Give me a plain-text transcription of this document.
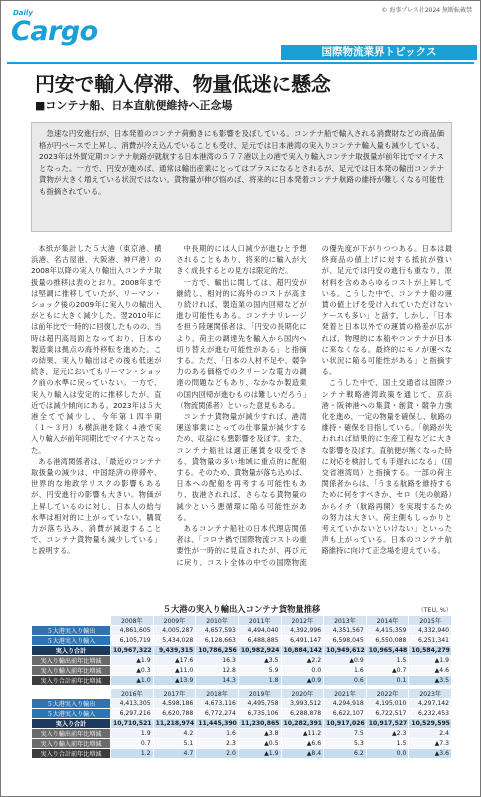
© 海事プレス社2024 無断転載禁
Daily
Cargo
国際物流業界トピックス
円安で輸入停滞、物量低迷に懸念
■コンテナ船、日本直航便維持へ正念場
急速な円安進行が、日本発着のコンテナ荷動きにも影響を及ぼしている。コンテナ船で輸入される消費財などの商品価格が円ベースで上昇し、消費が冷え込んでいることも受け、足元では日本港湾の実入りコンテナ輸入量も減少している。2023年は外貿定期コンテナ航路が就航する日本港湾の５７７港以上の港で実入り輸入コンテナ取扱量が前年比でマイナスとなった。一方で、円安が進めば、通常は輸出産業にとってはプラスになるとされるが、足元では日本発の輸出コンテナ貨物が大きく増えている状況ではない。貨物量が伸び悩めば、将来的に日本発着コンテナ航路の維持が難しくなる可能性も指摘されている。

本紙が集計した５大港（東京港、横浜港、名古屋港、大阪港、神戸港）の2008年以降の実入り輸出入コンテナ取扱量の推移は表のとおり。2008年までは堅調に推移していたが、リーマン・ショック後の2009年に実入りの輸出入がともに大きく減少した。翌2010年には前年比で一時的に回復したものの、当時は超円高局面となっており、日本の製造業は拠点の海外移転を進めた。この結果、実入り輸出はその後も低迷が続き、足元においてもリーマン・ショック前の水準に戻っていない。一方で、実入り輸入は安定的に推移したが、直近では減少傾向にある。2023年は５大港全てで減少し、今年第１四半期（１〜３月）も横浜港を除く４港で実入り輸入が前年同期比でマイナスとなった。

ある港湾関係者は、「最近のコンテナ取扱量の減少は、中国経済の停滞や、世界的な地政学リスクの影響もあるが、円安進行の影響も大きい。物価が上昇しているのに対し、日本人の給与水準は相対的に上がっていない。購買力が落ち込み、消費が減退することで、コンテナ貨物量も減少している」と説明する。

中長期的には人口減少が進むと予想されることもあり、将来的に輸入が大きく成長するとの見方は限定的だ。

一方で、輸出に関しては、超円安が継続し、相対的に海外のコストが高まり続ければ、製造業の国内回帰などが進む可能性もある。コンテナリレージを担う陸運関係者は、「円安の長期化により、荷主の調達先を輸入から国内へ切り替えが進む可能性がある」と指摘する。ただ、「日本の人材不足や、競争力のある価格でのクリーンな電力の調達の問題などもあり、なかなか製造業の国内回帰が進むものは難しいだろう」（物流関係者）といった意見もある。

コンテナ貨物量が減少すれば、港湾運送事業にとっての仕事量が減少するため、収益にも悪影響を及ぼす。また、コンテナ船社は適正運賃を収受できる、貨物量の多い地域に重点的に配船する。そのため、貨物量が落ち込めば、日本への配船を再考する可能性もあり、抜港されれば、さらなる貨物量の減少という悪循環に陥る可能性がある。

あるコンテナ船社の日本代理店関係者は、「コロナ禍で国際物流コストの重要性が一時的に見直されたが、再び元に戻り、コスト全体の中での国際物流の優先度が下がりつつある。日本は最終商品の値上げに対する抵抗が強いが、足元では円安の進行も重なり、原材料を含めあらゆるコストが上昇している。こうした中で、コンテナ船の運賃の値上げを受け入れていただけないケースも多い」と話す。しかし、「日本発着と日本以外での運賃の格差が広がれば、物理的に本船やコンテナが日本に来なくなる。最終的にモノが運べない状況に陥る可能性がある」と指摘する。

こうした中で、国土交通省は国際コンテナ戦略港湾政策を通じて、京浜港・阪神港への集貨・創貨・競争力強化を進め、一定の物量を確保し、航路の維持・確保を目指している。「航路が失われれば結果的に生産工程などに大きな影響を及ぼす。直航便が無くなった時に対応を検討しても手遅れになる」（国交省港湾局）と指摘する。一部の荷主関係者からは、「うまる航路を維持するために何をすべきか、セロ（先の航路）からイチ（航路再開）を実現するための努力は大きい。荷主側もしっかりと考えていかないといけない」といった声も上がっている。日本のコンテナ航路維持に向けて正念場を迎えている。

５大港の実入り輸出入コンテナ貨物量推移	（TEU, %）
	2008年	2009年	2010年	2011年	2012年	2013年	2014年	2015年
５大港実入り輸出	4,861,605	4,005,287	4,657,593	4,494,040	4,392,996	4,351,567	4,415,359	4,332,940
５大港実入り輸入	6,105,719	5,434,028	6,128,663	6,488,885	6,491,147	6,598,045	6,550,088	6,251,341
実入り合計	10,967,322	9,439,315	10,786,256	10,982,924	10,884,142	10,949,612	10,965,448	10,584,279
実入り輸出前年比増減	▲1.9	▲17.6	16.3	▲3.5	▲2.2	▲0.9	1.5	▲1.9
実入り輸入前年比増減	▲0.3	▲11.0	12.8	5.9	0.0	1.6	▲0.7	▲4.6
実入り合計前年比増減	▲1.0	▲13.9	14.3	1.8	▲0.9	0.6	0.1	▲3.5

	2016年	2017年	2018年	2019年	2020年	2021年	2022年	2023年
５大港実入り輸出	4,413,305	4,598,186	4,673,116	4,495,758	3,993,512	4,294,918	4,195,010	4,297,142
５大港実入り輸入	6,297,216	6,620,788	6,772,274	6,735,106	6,288,878	6,622,107	6,722,517	6,232,453
実入り合計	10,710,521	11,218,974	11,445,390	11,230,865	10,282,391	10,917,026	10,917,527	10,529,595
実入り輸出前年比増減	1.9	4.2	1.6	▲3.8	▲11.2	7.5	▲2.3	2.4
実入り輸入前年比増減	0.7	5.1	2.3	▲0.5	▲6.6	5.3	1.5	▲7.3
実入り合計前年比増減	1.2	4.7	2.0	▲1.9	▲8.4	6.2	0.0	▲3.6
